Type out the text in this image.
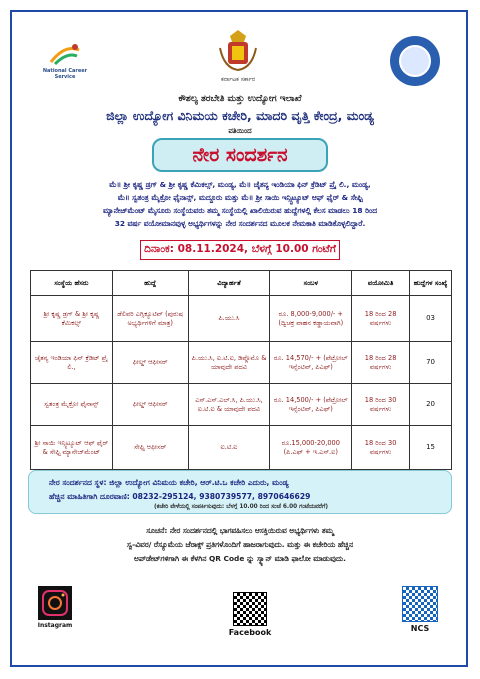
National Career Service	ಕರ್ನಾಟಕ ಸರ್ಕಾರ
ಕೌಶಲ್ಯ ತರಬೇತಿ ಮತ್ತು ಉದ್ಯೋಗ ಇಲಾಖೆ
ಜಿಲ್ಲಾ ಉದ್ಯೋಗ ವಿನಿಮಯ ಕಚೇರಿ, ಮಾದರಿ ವೃತ್ತಿ ಕೇಂದ್ರ, ಮಂಡ್ಯ
ವತಿಯಿಂದ
ನೇರ ಸಂದರ್ಶನ
ಮೆ॥ ಶ್ರೀ ಕೃಷ್ಣ ಡ್ರಗ್ & ಶ್ರೀ ಕೃಷ್ಣ ಕೆಮಿಕಲ್ಸ್, ಮಂಡ್ಯ, ಮೆ॥ ಚೈತನ್ಯ ಇಂಡಿಯಾ ಫಿನ್ ಕ್ರೆಡಿಟ್ ಪ್ರೈ ಲಿ., ಮಂಡ್ಯ,
ಮೆ॥ ಸ್ವತಂತ್ರ ಮೈಕ್ರೋ ಫೈನಾನ್ಸ್, ಮದ್ದೂರು ಮತ್ತು ಮೆ॥ ಶ್ರೀ ಸಾಯಿ ಇನ್ಸ್ಟಿಟ್ಯೂಟ್ ಆಫ್ ಫೈರ್ & ಸೇಫ್ಟಿ
ಮ್ಯಾನೇಜ್‌ಮೆಂಟ್ ಮೈಸೂರು ಸಂಸ್ಥೆಯವರು ತಮ್ಮ ಸಂಸ್ಥೆಯಲ್ಲಿ ಖಾಲಿಯಿರುವ ಹುದ್ದೆಗಳಲ್ಲಿ ಕೆಲಸ ಮಾಡಲು 18 ರಿಂದ
32 ವರ್ಷ ವಯೋಮಾನವುಳ್ಳ ಅಭ್ಯರ್ಥಿಗಳನ್ನು ನೇರ ಸಂದರ್ಶನದ ಮೂಲಕ ನೇಮಕಾತಿ ಮಾಡಿಕೊಳ್ಳಲಿದ್ದಾರೆ.
ದಿನಾಂಕ: 08.11.2024, ಬೆಳಗ್ಗೆ 10.00 ಗಂಟೆಗೆ
ಸಂಸ್ಥೆಯ ಹೆಸರು	ಹುದ್ದೆ	ವಿದ್ಯಾರ್ಹತೆ	ಸಂಬಳ	ವಯೋಮಿತಿ	ಹುದ್ದೆಗಳ ಸಂಖ್ಯೆ
ಶ್ರೀ ಕೃಷ್ಣ ಡ್ರಗ್ & ಶ್ರೀ ಕೃಷ್ಣ ಕೆಮಿಕಲ್ಸ್	ಡೆಲಿವರಿ ಎಗ್ಸಿಕ್ಯೂಟಿವ್ (ಪುರುಷ ಅಭ್ಯರ್ಥಿಗಳಿಗೆ ಮಾತ್ರ)	ಪಿ.ಯು.ಸಿ	ರೂ. 8,000-9,000/- + (ದ್ವಿಚಕ್ರ ವಾಹನ ಕಡ್ಡಾಯವಾಗಿ)	18 ರಿಂದ 28 ವರ್ಷಗಳು	03
ಚೈತನ್ಯ ಇಂಡಿಯಾ ಫಿನ್ ಕ್ರೆಡಿಟ್ ಪ್ರೈ ಲಿ.,	ಫೀಲ್ಡ್ ಆಫೀಸರ್	ಪಿ.ಯು.ಸಿ, ಐ.ಟಿ.ಐ, ಡಿಪ್ಲೊಮೊ & ಯಾವುದೇ ಪದವಿ	ರೂ. 14,570/- + (ಪೆಟ್ರೋಲ್ ಇನ್ಸೆಂಟಿವ್, ಪಿಎಫ್)	18 ರಿಂದ 28 ವರ್ಷಗಳು	70
ಸ್ವತಂತ್ರ ಮೈಕ್ರೋ ಫೈನಾನ್ಸ್	ಫೀಲ್ಡ್ ಆಫೀಸರ್	ಎಸ್.ಎಸ್.ಎಲ್.ಸಿ, ಪಿ.ಯು.ಸಿ, ಐ.ಟಿ.ಐ & ಯಾವುದೇ ಪದವಿ	ರೂ. 14,500/- + (ಪೆಟ್ರೋಲ್ ಇನ್ಸೆಂಟಿವ್, ಪಿಎಫ್)	18 ರಿಂದ 30 ವರ್ಷಗಳು	20
ಶ್ರೀ ಸಾಯಿ ಇನ್ಸ್ಟಿಟ್ಯೂಟ್ ಆಫ್ ಫೈರ್ & ಸೇಫ್ಟಿ ಮ್ಯಾನೇಜ್‌ಮೆಂಟ್	ಸೇಫ್ಟಿ ಆಫೀಸರ್	ಐ.ಟಿ.ಐ	ರೂ.15,000-20,000 (ಪಿ.ಎಫ್ + ಇ.ಎಸ್.ಐ)	18 ರಿಂದ 30 ವರ್ಷಗಳು	15
ನೇರ ಸಂದರ್ಶನದ ಸ್ಥಳ: ಜಿಲ್ಲಾ ಉದ್ಯೋಗ ವಿನಿಮಯ ಕಚೇರಿ, ಆರ್.ಟಿ.ಒ ಕಚೇರಿ ಎದುರು, ಮಂಡ್ಯ
ಹೆಚ್ಚಿನ ಮಾಹಿತಿಗಾಗಿ ದೂರವಾಣಿ: 08232-295124, 9380739577, 8970646629
(ಕಚೇರಿ ವೇಳೆಯಲ್ಲಿ ಸಂಪರ್ಕಿಸುವುದು: ಬೆಳಗ್ಗೆ 10.00 ರಿಂದ ಸಂಜೆ 6.00 ಗಂಟೆಯವರೆಗೆ)
ಸೂಚನೆ: ನೇರ ಸಂದರ್ಶನದಲ್ಲಿ ಭಾಗವಹಿಸಲು ಆಸಕ್ತಿಯಿರುವ ಅಭ್ಯರ್ಥಿಗಳು ತಮ್ಮ
ಸ್ವ-ವಿವರ/ ರೆಸ್ಯೂಮೆಯ ಜೆರಾಕ್ಸ್ ಪ್ರತಿಗಳೊಂದಿಗೆ ಹಾಜರಾಗುವುದು. ಮತ್ತು ಈ ಕಚೇರಿಯ ಹೆಚ್ಚಿನ
ಅಪ್‌ಡೇಟ್‌ಗಳಿಗಾಗಿ ಈ ಕೆಳಗಿನ QR Code ನ್ನು ಸ್ಕ್ಯಾನ್ ಮಾಡಿ ಫಾಲೋ ಮಾಡುವುದು.
Instagram
Facebook	NCS
